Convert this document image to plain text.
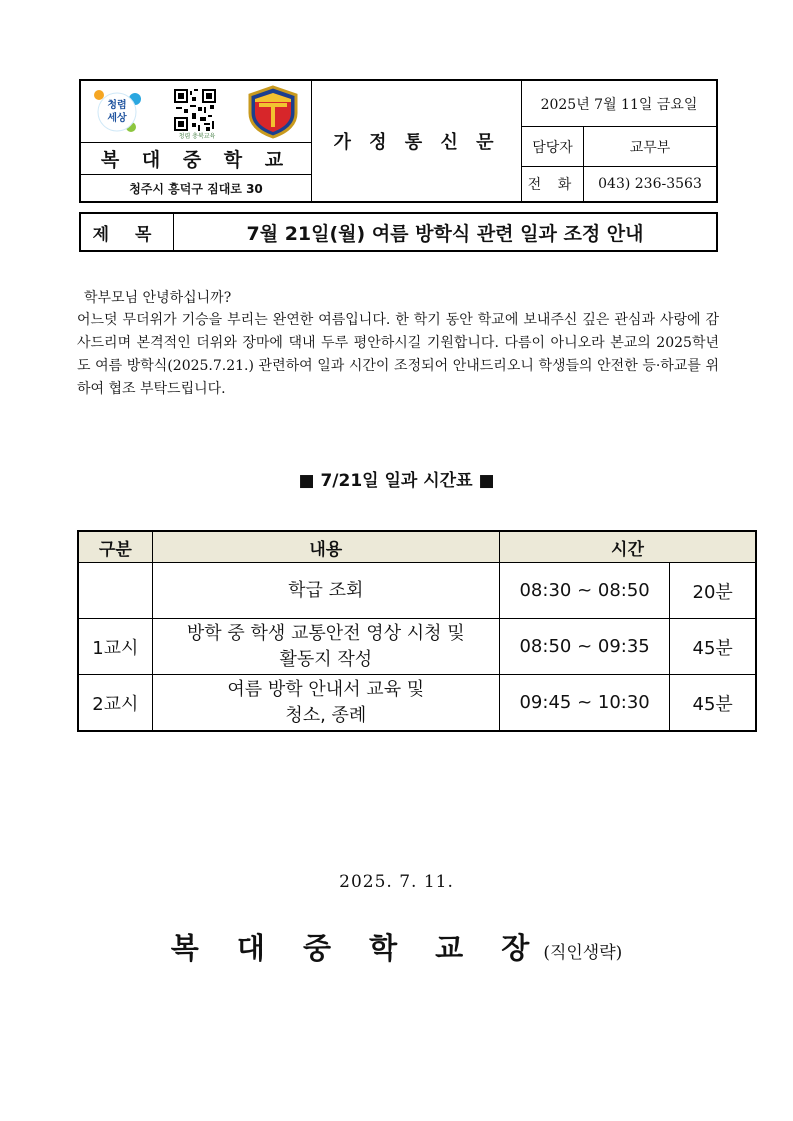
청렴
세상
청렴 충북교육
복 대 중 학 교
청주시 흥덕구 짐대로 30
가 정 통 신 문
2025년 7월 11일 금요일
담당자	교무부
전 화	043) 236-3563
제 목	7월 21일(월) 여름 방학식 관련 일과 조정 안내
학부모님 안녕하십니까?
어느덧 무더위가 기승을 부리는 완연한 여름입니다. 한 학기 동안 학교에 보내주신 깊은 관심과 사랑에 감사드리며 본격적인 더위와 장마에 댁내 두루 평안하시길 기원합니다. 다름이 아니오라 본교의 2025학년도 여름 방학식(2025.7.21.) 관련하여 일과 시간이 조정되어 안내드리오니 학생들의 안전한 등·하교를 위하여 협조 부탁드립니다.
■ 7/21일 일과 시간표 ■
구분	내용	시간	

	학급 조회	08:30 ~ 08:50	20분
1교시	방학 중 학생 교통안전 영상 시청 및
활동지 작성	08:50 ~ 09:35	45분
2교시	여름 방학 안내서 교육 및
청소, 종례	09:45 ~ 10:30	45분
2025. 7. 11.
복 대 중 학 교 장(직인생략)
